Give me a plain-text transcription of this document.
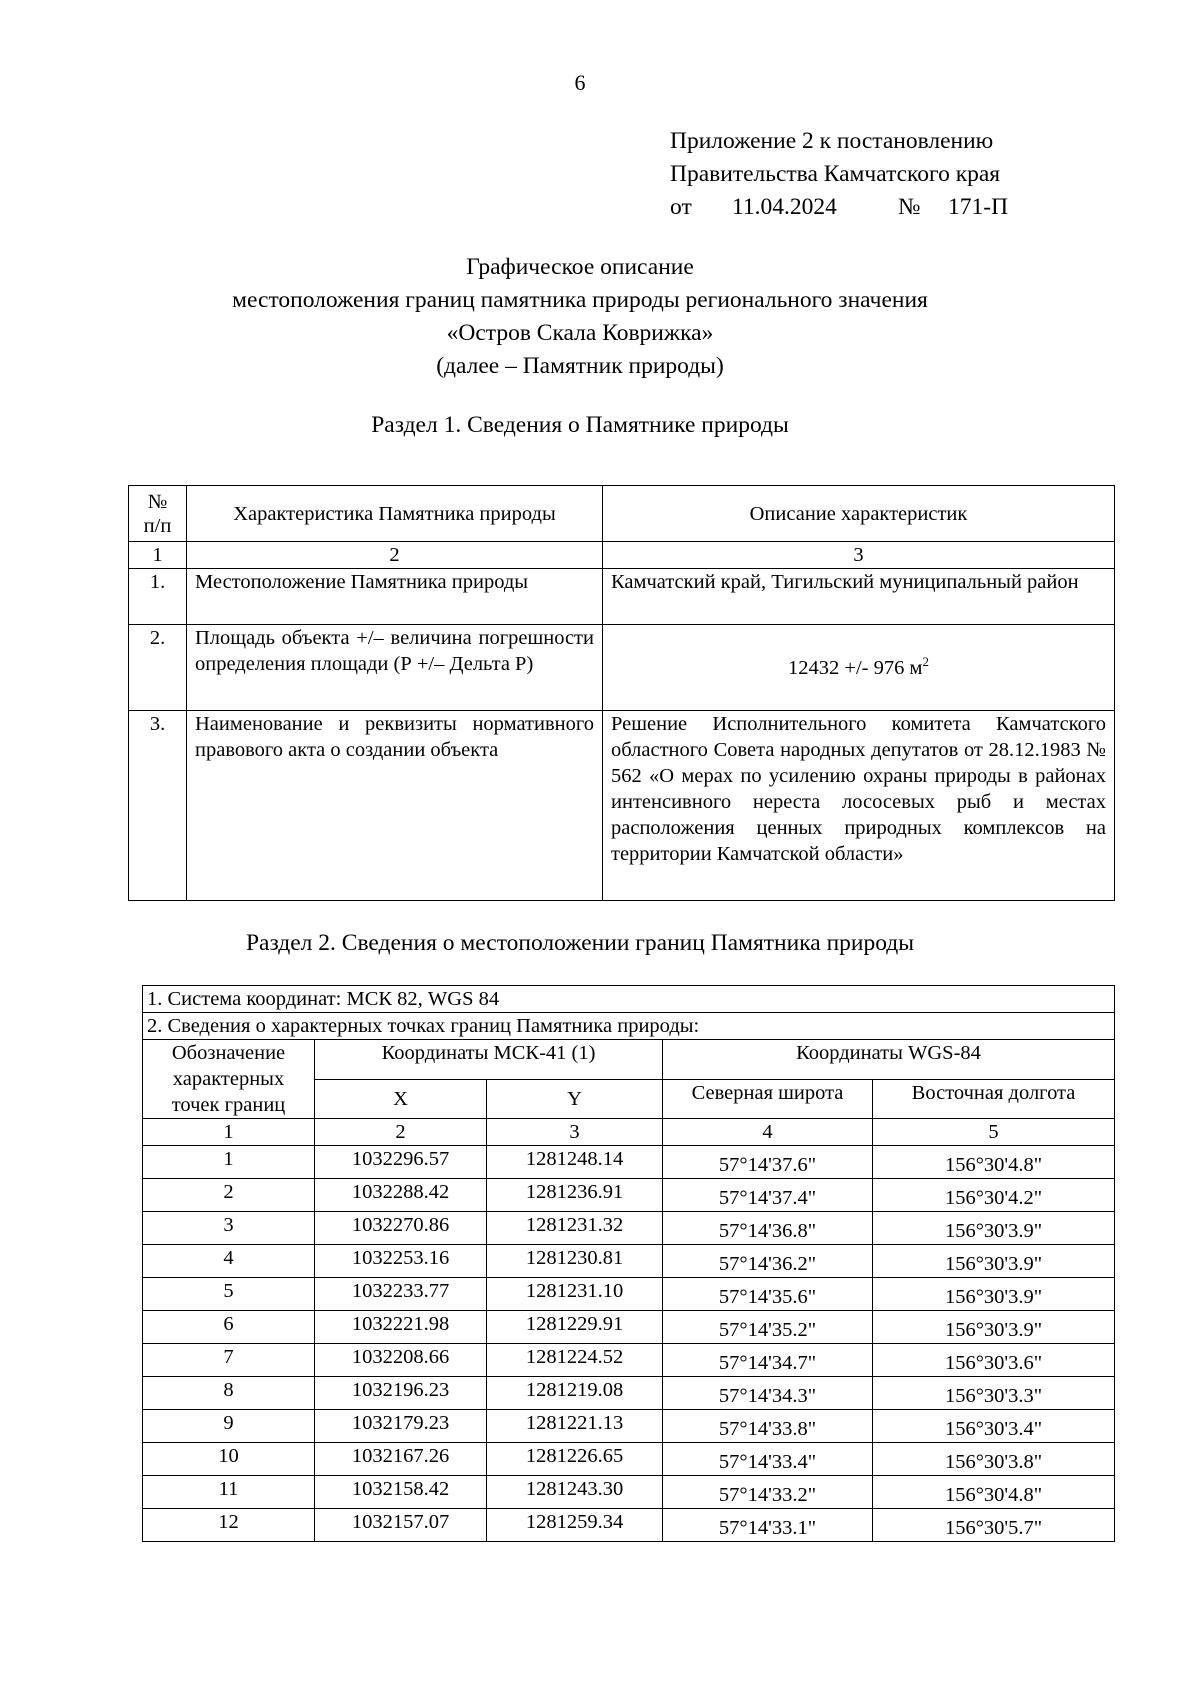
6
Приложение 2 к постановлению
Правительства Камчатского края
от	11.04.2024	№	171-П
Графическое описание
местоположения границ памятника природы регионального значения
«Остров Скала Коврижка»
(далее – Памятник природы)
Раздел 1. Сведения о Памятнике природы
№
п/п	Характеристика Памятника природы	Описание характеристик
1	2	3
1.	Местоположение Памятника природы	Камчатский край, Тигильский муниципальный район
2.	Площадь объекта +/– величина погрешности определения площади (Р +/– Дельта Р)	12432 +/- 976 $м^2$
3.	Наименование и реквизиты нормативного правового акта о создании объекта	Решение Исполнительного комитета Камчатского областного Совета народных депутатов от 28.12.1983 № 562 «О мерах по усилению охраны природы в районах интенсивного нереста лососевых рыб и местах расположения ценных природных комплексов на территории Камчатской области»
Раздел 2. Сведения о местоположении границ Памятника природы
1. Система координат: МСК 82, WGS 84				
2. Сведения о характерных точках границ Памятника природы:				
Обозначение характерных точек границ	Координаты МСК-41 (1)		Координаты WGS-84	
	X	Y	Северная широта	Восточная долгота
1	2	3	4	5
1	1032296.57	1281248.14	57°14'37.6"	156°30'4.8"
2	1032288.42	1281236.91	57°14'37.4"	156°30'4.2"
3	1032270.86	1281231.32	57°14'36.8"	156°30'3.9"
4	1032253.16	1281230.81	57°14'36.2"	156°30'3.9"
5	1032233.77	1281231.10	57°14'35.6"	156°30'3.9"
6	1032221.98	1281229.91	57°14'35.2"	156°30'3.9"
7	1032208.66	1281224.52	57°14'34.7"	156°30'3.6"
8	1032196.23	1281219.08	57°14'34.3"	156°30'3.3"
9	1032179.23	1281221.13	57°14'33.8"	156°30'3.4"
10	1032167.26	1281226.65	57°14'33.4"	156°30'3.8"
11	1032158.42	1281243.30	57°14'33.2"	156°30'4.8"
12	1032157.07	1281259.34	57°14'33.1"	156°30'5.7"
